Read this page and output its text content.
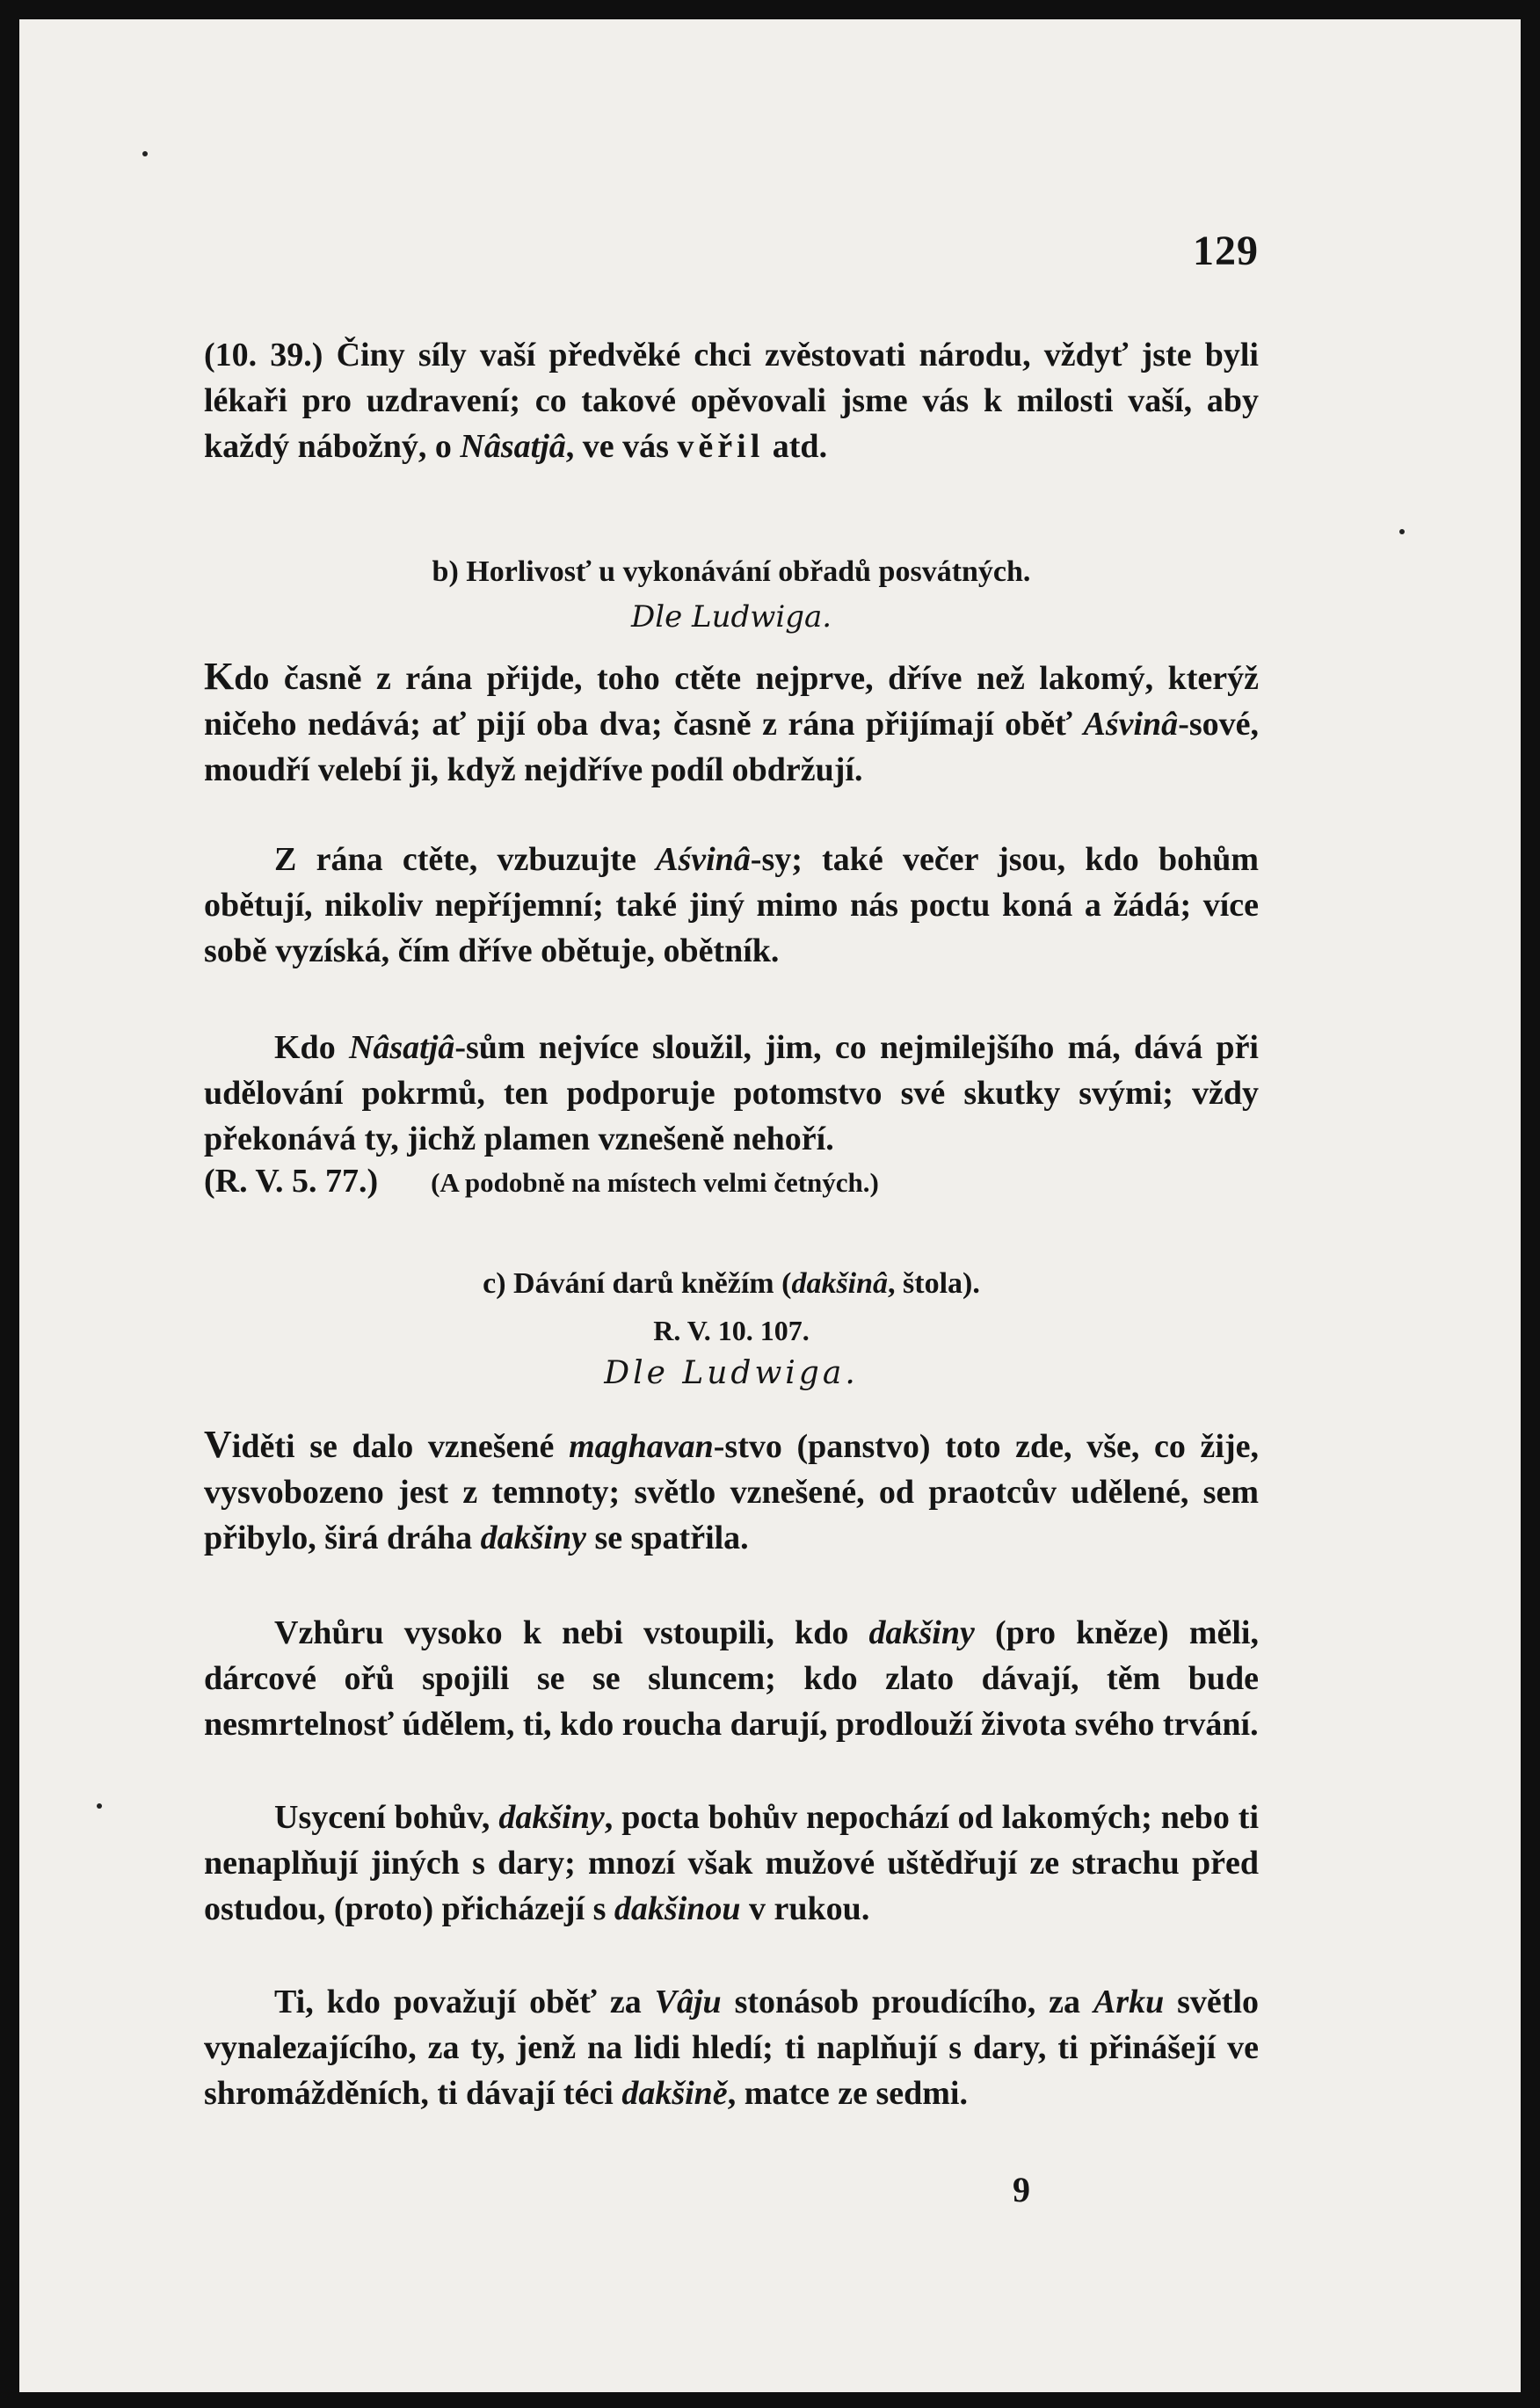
129

(10. 39.) Činy síly vaší předvěké chci zvěstovati národu, vždyť jste byli lékaři pro uzdravení; co takové opěvovali jsme vás k milosti vaší, aby každý nábožný, o Nâsatjâ, ve vás věřil atd.

b) Horlivosť u vykonávání obřadů posvátných.
Dle Ludwiga.

Kdo časně z rána přijde, toho ctěte nejprve, dříve než lakomý, kterýž ničeho nedává; ať pijí oba dva; časně z rána přijímají oběť Aśvinâ-sové, moudří velebí ji, když nejdříve podíl obdržují.

Z rána ctěte, vzbuzujte Aśvinâ-sy; také večer jsou, kdo bohům obětují, nikoliv nepříjemní; také jiný mimo nás poctu koná a žádá; více sobě vyzíská, čím dříve obětuje, obětník.

Kdo Nâsatjâ-sům nejvíce sloužil, jim, co nejmilejšího má, dává při udělování pokrmů, ten podporuje potomstvo své skutky svými; vždy překonává ty, jichž plamen vznešeně nehoří.

(R. V. 5. 77.) (A podobně na místech velmi četných.)
c) Dávání darů kněžím (dakšinâ, štola).
R. V. 10. 107.
Dle Ludwiga.

Viděti se dalo vznešené maghavan-stvo (panstvo) toto zde, vše, co žije, vysvobozeno jest z temnoty; světlo vznešené, od praotcův udělené, sem přibylo, širá dráha dakšiny se spatřila.

Vzhůru vysoko k nebi vstoupili, kdo dakšiny (pro kněze) měli, dárcové ořů spojili se se sluncem; kdo zlato dávají, těm bude nesmrtelnosť údělem, ti, kdo roucha darují, prodlouží života svého trvání.

Usycení bohův, dakšiny, pocta bohův nepochází od lakomých; nebo ti nenaplňují jiných s dary; mnozí však mužové uštědřují ze strachu před ostudou, (proto) přicházejí s dakšinou v rukou.

Ti, kdo považují oběť za Vâju stonásob proudícího, za Arku světlo vynalezajícího, za ty, jenž na lidi hledí; ti naplňují s dary, ti přinášejí ve shromážděních, ti dávají téci dakšině, matce ze sedmi.

9
